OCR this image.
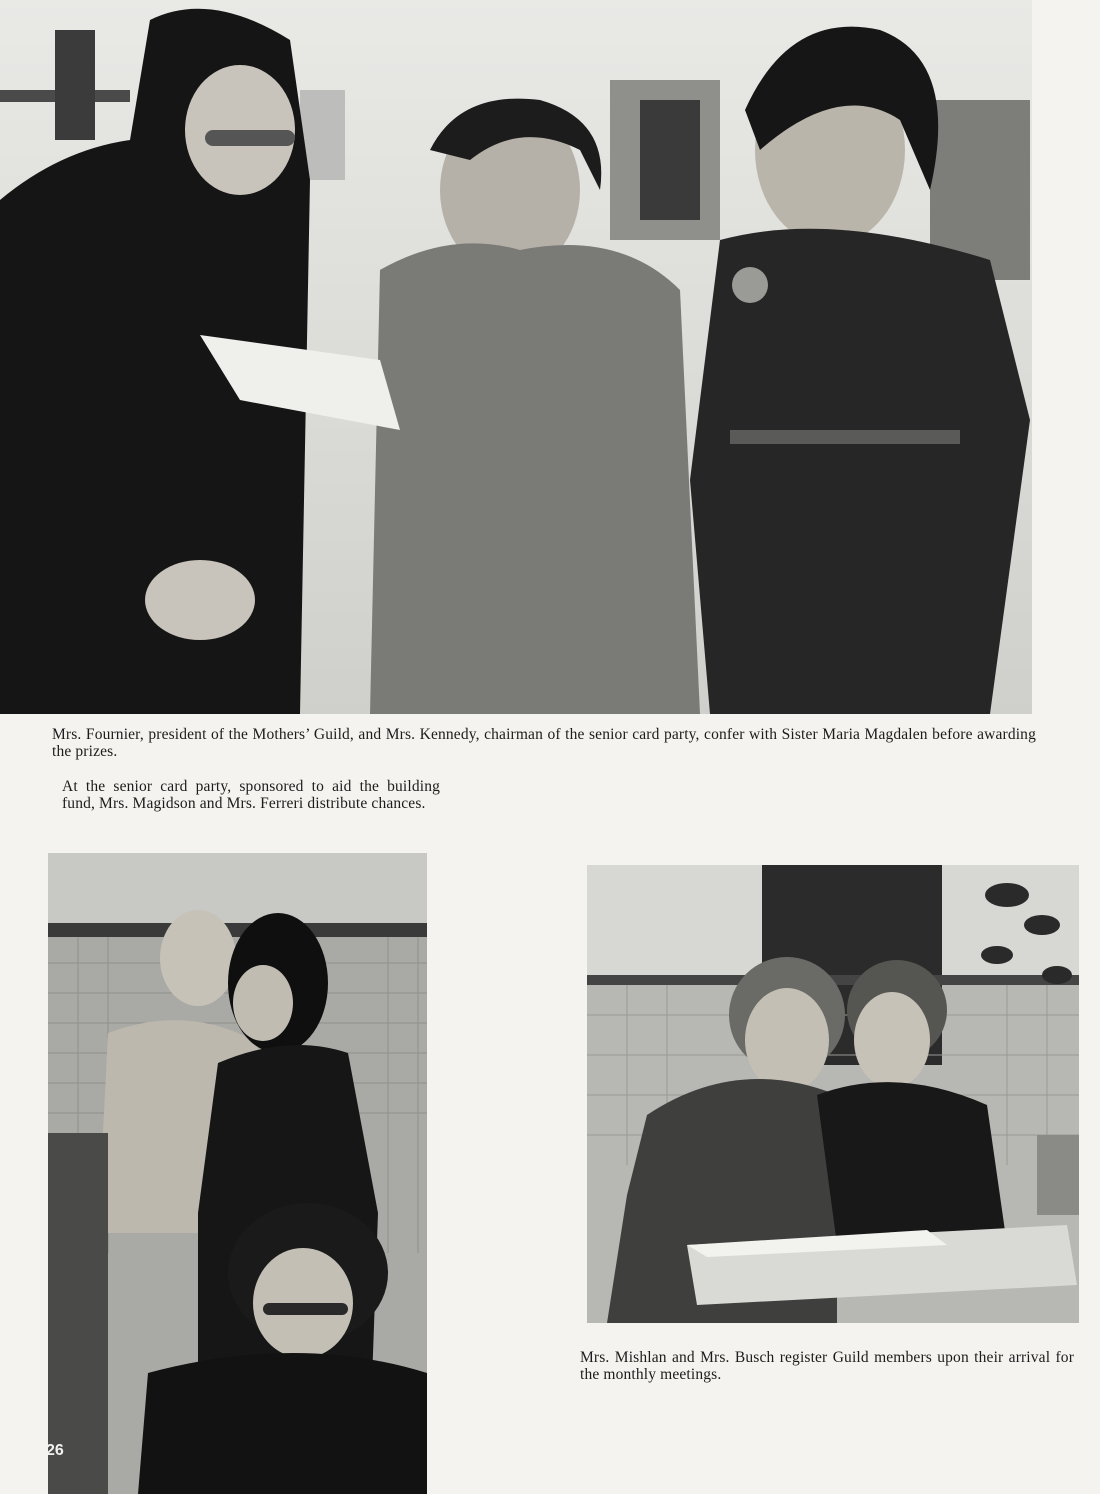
Mrs. Fournier, president of the Mothers’ Guild, and Mrs. Kennedy, chairman of the senior card party, confer with Sister Maria Magdalen before awarding the prizes.
At the senior card party, sponsored to aid the building fund, Mrs. Magidson and Mrs. Ferreri distribute chances.
Mrs. Mishlan and Mrs. Busch register Guild members upon their arrival for the monthly meetings.
26
